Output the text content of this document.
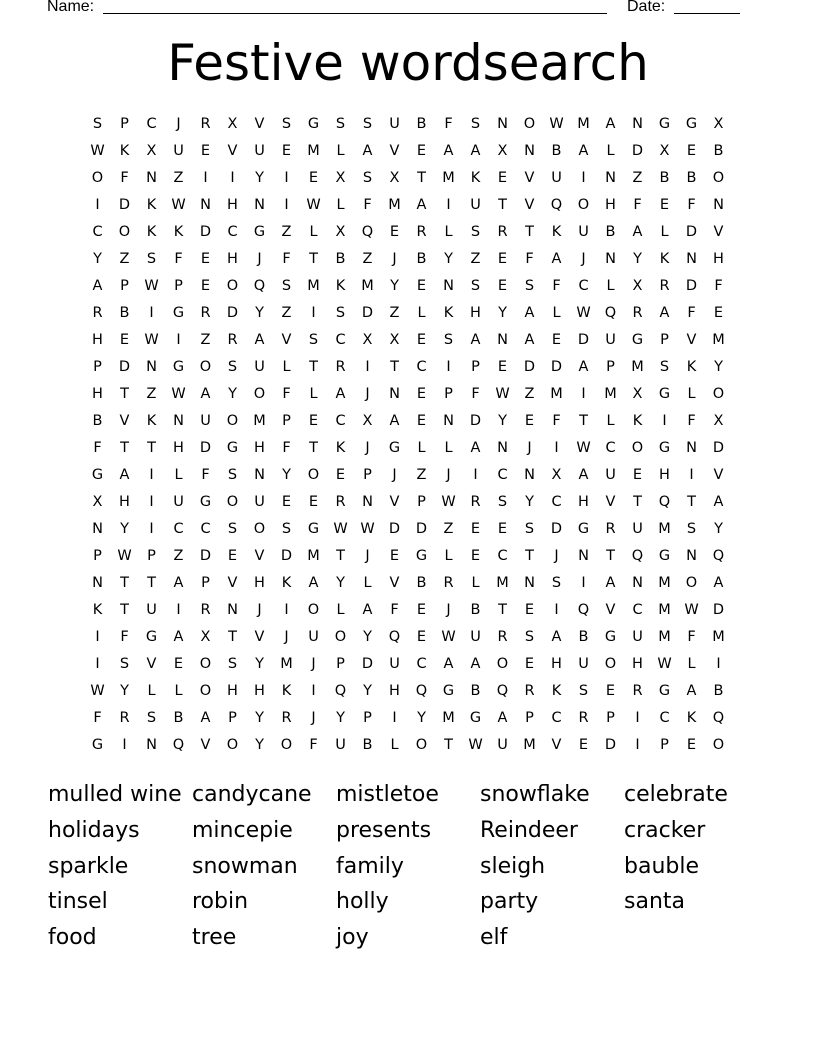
Name:	Date:
Festive wordsearch
S	P	C	J	R	X	V	S	G	S	S	U	B	F	S	N	O W M	A	N	G	G	X
W	K	X	U	E	V	U	E	M	L	A	V	E	A	A	X	N	B	A	L	D	X	E	B
O	F	N	Z	I	I	Y	I	E	X	S	X	T	M	K	E	V	U	I	N	Z	B	B	O
I	D	K	W N	H	N	I	W	L	F	M	A	I	U	T	V	Q	O	H	F	E	F	N
C	O	K	K	D	C	G	Z	L	X	Q	E	R	L	S	R	T	K	U	B	A	L	D	V
Y	Z	S	F	E	H	J	F	T	B	Z	J	B	Y	Z	E	F	A	J	N	Y	K	N	H
A	P	W	P	E	O	Q	S	M	K	M	Y	E	N	S	E	S	F	C	L	X	R	D	F
R	B	I	G	R	D	Y	Z	I	S	D	Z	L	K	H	Y	A	L	W Q	R	A	F	E
H	E	W	I	Z	R	A	V	S	C	X	X	E	S	A	N	A	E	D	U	G	P	V	M
P	D	N	G	O	S	U	L	T	R	I	T	C	I	P	E	D	D	A	P	M	S	K	Y
H	T	Z	W	A	Y	O	F	L	A	J	N	E	P	F	W	Z	M	I	M	X	G	L	O
B	V	K	N	U	O	M	P	E	C	X	A	E	N	D	Y	E	F	T	L	K	I	F	X
F	T	T	H	D	G	H	F	T	K	J	G	L	L	A	N	J	I	W	C	O	G	N	D
G	A	I	L	F	S	N	Y	O	E	P	J	Z	J	I	C	N	X	A	U	E	H	I	V
X	H	I	U	G	O	U	E	E	R	N	V	P	W	R	S	Y	C	H	V	T	Q	T	A
N	Y	I	C	C	S	O	S	G W W D	D	Z	E	E	S	D	G	R	U	M	S	Y
P	W	P	Z	D	E	V	D	M	T	J	E	G	L	E	C	T	J	N	T	Q	G	N	Q
N	T	T	A	P	V	H	K	A	Y	L	V	B	R	L	M	N	S	I	A	N	M	O	A
K	T	U	I	R	N	J	I	O	L	A	F	E	J	B	T	E	I	Q	V	C	M W D
I	F	G	A	X	T	V	J	U	O	Y	Q	E	W	U	R	S	A	B	G	U	M	F	M
I	S	V	E	O	S	Y	M	J	P	D	U	C	A	A	O	E	H	U	O	H W	L	I
W	Y	L	L	O	H	H	K	I	Q	Y	H	Q	G	B	Q	R	K	S	E	R	G	A	B
F	R	S	B	A	P	Y	R	J	Y	P	I	Y	M	G	A	P	C	R	P	I	C	K	Q
G	I	N	Q	V	O	Y	O	F	U	B	L	O	T	W	U	M	V	E	D	I	P	E	O
mulled wine
holidays
sparkle
tinsel
food
candycane
mincepie
snowman
robin
tree
mistletoe
presents
family
holly
joy
snowflake
Reindeer
sleigh
party
elf
celebrate
cracker
bauble
santa
